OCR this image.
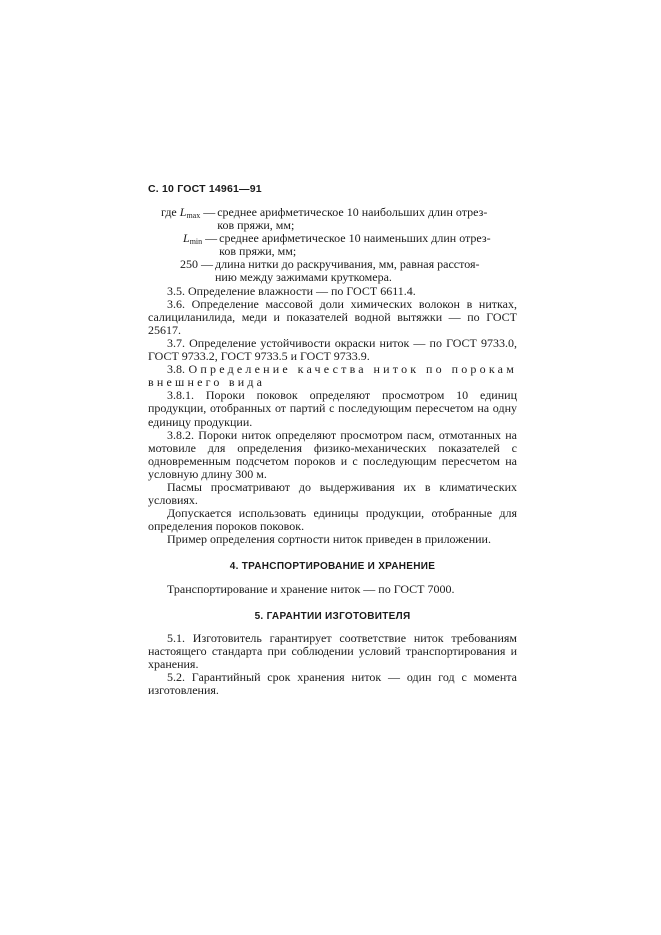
С. 10 ГОСТ 14961—91
где Lmax — среднее арифметическое 10 наибольших длин отрез-
ков пряжи, мм;
Lmin — среднее арифметическое 10 наименьших длин отрез-
ков пряжи, мм;
250 — длина нитки до раскручивания, мм, равная расстоя-
нию между зажимами круткомера.

3.5. Определение влажности — по ГОСТ 6611.4.

3.6. Определение массовой доли химических волокон в нитках, салициланилида, меди и показателей водной вытяжки — по ГОСТ 25617.

3.7. Определение устойчивости окраски ниток — по ГОСТ 9733.0, ГОСТ 9733.2, ГОСТ 9733.5 и ГОСТ 9733.9.

3.8. Определение качества ниток по порокам внешнего вида

3.8.1. Пороки поковок определяют просмотром 10 единиц продукции, отобранных от партий с последующим пересчетом на одну единицу продукции.

3.8.2. Пороки ниток определяют просмотром пасм, отмотанных на мотовиле для определения физико-механических показателей с одновременным подсчетом пороков и с последующим пересчетом на условную длину 300 м.

Пасмы просматривают до выдерживания их в климатических условиях.

Допускается использовать единицы продукции, отобранные для определения пороков поковок.

Пример определения сортности ниток приведен в приложении.

4. ТРАНСПОРТИРОВАНИЕ И ХРАНЕНИЕ

Транспортирование и хранение ниток — по ГОСТ 7000.

5. ГАРАНТИИ ИЗГОТОВИТЕЛЯ

5.1. Изготовитель гарантирует соответствие ниток требованиям настоящего стандарта при соблюдении условий транспортирования и хранения.

5.2. Гарантийный срок хранения ниток — один год с момента изготовления.
